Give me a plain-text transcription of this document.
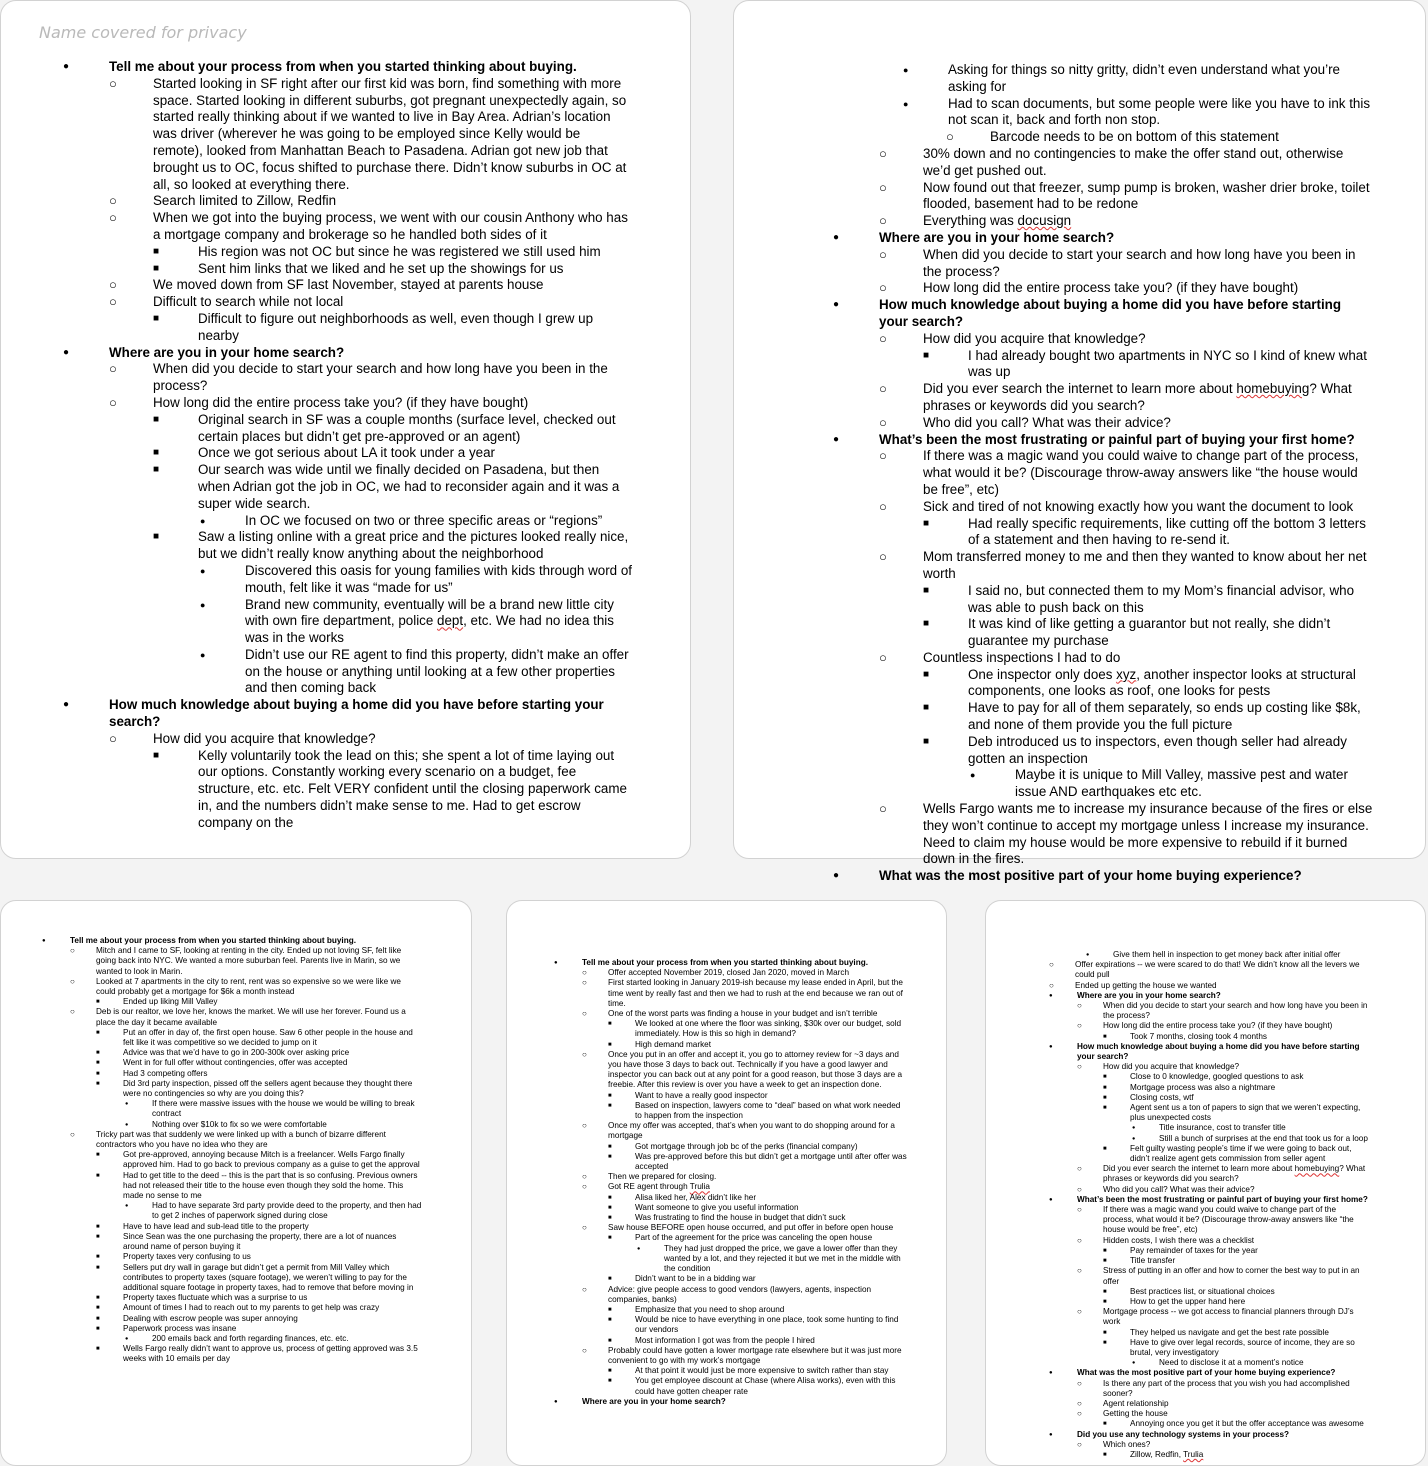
Name covered for privacy
● Tell me about your process from when you started thinking about buying.
○ Started looking in SF right after our first kid was born, find something with more space. Started looking in different suburbs, got pregnant unexpectedly again, so started really thinking about if we wanted to live in Bay Area. Adrian’s location was driver (wherever he was going to be employed since Kelly would be remote), looked from Manhattan Beach to Pasadena. Adrian got new job that brought us to OC, focus shifted to purchase there. Didn’t know suburbs in OC at all, so looked at everything there.
○ Search limited to Zillow, Redfin
○ When we got into the buying process, we went with our cousin Anthony who has a mortgage company and brokerage so he handled both sides of it
■ His region was not OC but since he was registered we still used him
■ Sent him links that we liked and he set up the showings for us
○ We moved down from SF last November, stayed at parents house
○ Difficult to search while not local
■ Difficult to figure out neighborhoods as well, even though I grew up nearby
● Where are you in your home search?
○ When did you decide to start your search and how long have you been in the process?
○ How long did the entire process take you? (if they have bought)
■ Original search in SF was a couple months (surface level, checked out certain places but didn’t get pre-approved or an agent)
■ Once we got serious about LA it took under a year
■ Our search was wide until we finally decided on Pasadena, but then when Adrian got the job in OC, we had to reconsider again and it was a super wide search.
● In OC we focused on two or three specific areas or “regions”
■ Saw a listing online with a great price and the pictures looked really nice, but we didn’t really know anything about the neighborhood
● Discovered this oasis for young families with kids through word of mouth, felt like it was “made for us”
● Brand new community, eventually will be a brand new little city with own fire department, police dept, etc. We had no idea this was in the works
● Didn’t use our RE agent to find this property, didn’t make an offer on the house or anything until looking at a few other properties and then coming back
● How much knowledge about buying a home did you have before starting your search?
○ How did you acquire that knowledge?
■ Kelly voluntarily took the lead on this; she spent a lot of time laying out our options. Constantly working every scenario on a budget, fee structure, etc. etc. Felt VERY confident until the closing paperwork came in, and the numbers didn’t make sense to me. Had to get escrow company on the
● Asking for things so nitty gritty, didn’t even understand what you’re asking for
● Had to scan documents, but some people were like you have to ink this not scan it, back and forth non stop.
○ Barcode needs to be on bottom of this statement
○ 30% down and no contingencies to make the offer stand out, otherwise we’d get pushed out.
○ Now found out that freezer, sump pump is broken, washer drier broke, toilet flooded, basement had to be redone
○ Everything was docusign
● Where are you in your home search?
○ When did you decide to start your search and how long have you been in the process?
○ How long did the entire process take you? (if they have bought)
● How much knowledge about buying a home did you have before starting your search?
○ How did you acquire that knowledge?
■ I had already bought two apartments in NYC so I kind of knew what was up
○ Did you ever search the internet to learn more about homebuying? What phrases or keywords did you search?
○ Who did you call? What was their advice?
● What’s been the most frustrating or painful part of buying your first home?
○ If there was a magic wand you could waive to change part of the process, what would it be? (Discourage throw-away answers like “the house would be free”, etc)
○ Sick and tired of not knowing exactly how you want the document to look
■ Had really specific requirements, like cutting off the bottom 3 letters of a statement and then having to re-send it.
○ Mom transferred money to me and then they wanted to know about her net worth
■ I said no, but connected them to my Mom’s financial advisor, who was able to push back on this
■ It was kind of like getting a guarantor but not really, she didn’t guarantee my purchase
○ Countless inspections I had to do
■ One inspector only does xyz, another inspector looks at structural components, one looks as roof, one looks for pests
■ Have to pay for all of them separately, so ends up costing like $8k, and none of them provide you the full picture
■ Deb introduced us to inspectors, even though seller had already gotten an inspection
● Maybe it is unique to Mill Valley, massive pest and water issue AND earthquakes etc etc.
○ Wells Fargo wants me to increase my insurance because of the fires or else they won’t continue to accept my mortgage unless I increase my insurance. Need to claim my house would be more expensive to rebuild if it burned down in the fires.
● What was the most positive part of your home buying experience?
● Tell me about your process from when you started thinking about buying.
○ Mitch and I came to SF, looking at renting in the city. Ended up not loving SF, felt like going back into NYC. We wanted a more suburban feel. Parents live in Marin, so we wanted to look in Marin.
○ Looked at 7 apartments in the city to rent, rent was so expensive so we were like we could probably get a mortgage for $6k a month instead
■ Ended up liking Mill Valley
○ Deb is our realtor, we love her, knows the market. We will use her forever. Found us a place the day it became available
■ Put an offer in day of, the first open house. Saw 6 other people in the house and felt like it was competitive so we decided to jump on it
■ Advice was that we’d have to go in 200-300k over asking price
■ Went in for full offer without contingencies, offer was accepted
■ Had 3 competing offers
■ Did 3rd party inspection, pissed off the sellers agent because they thought there were no contingencies so why are you doing this?
● If there were massive issues with the house we would be willing to break contract
● Nothing over $10k to fix so we were comfortable
○ Tricky part was that suddenly we were linked up with a bunch of bizarre different contractors who you have no idea who they are
■ Got pre-approved, annoying because Mitch is a freelancer. Wells Fargo finally approved him. Had to go back to previous company as a guise to get the approval
■ Had to get title to the deed -- this is the part that is so confusing. Previous owners had not released their title to the house even though they sold the home. This made no sense to me
● Had to have separate 3rd party provide deed to the property, and then had to get 2 inches of paperwork signed during close
■ Have to have lead and sub-lead title to the property
■ Since Sean was the one purchasing the property, there are a lot of nuances around name of person buying it
■ Property taxes very confusing to us
■ Sellers put dry wall in garage but didn’t get a permit from Mill Valley which contributes to property taxes (square footage), we weren’t willing to pay for the additional square footage in property taxes, had to remove that before moving in
■ Property taxes fluctuate which was a surprise to us
■ Amount of times I had to reach out to my parents to get help was crazy
■ Dealing with escrow people was super annoying
■ Paperwork process was insane
● 200 emails back and forth regarding finances, etc. etc.
■ Wells Fargo really didn’t want to approve us, process of getting approved was 3.5 weeks with 10 emails per day
● Tell me about your process from when you started thinking about buying.
○ Offer accepted November 2019, closed Jan 2020, moved in March
○ First started looking in January 2019-ish because my lease ended in April, but the time went by really fast and then we had to rush at the end because we ran out of time.
○ One of the worst parts was finding a house in your budget and isn’t terrible
■ We looked at one where the floor was sinking, $30k over our budget, sold immediately. How is this so high in demand?
■ High demand market
○ Once you put in an offer and accept it, you go to attorney review for ~3 days and you have those 3 days to back out. Technically if you have a good lawyer and inspector you can back out at any point for a good reason, but those 3 days are a freebie. After this review is over you have a week to get an inspection done.
■ Want to have a really good inspector
■ Based on inspection, lawyers come to “deal” based on what work needed to happen from the inspection
○ Once my offer was accepted, that’s when you want to do shopping around for a mortgage
■ Got mortgage through job bc of the perks (financial company)
■ Was pre-approved before this but didn’t get a mortgage until after offer was accepted
○ Then we prepared for closing.
○ Got RE agent through Trulia
■ Alisa liked her, Alex didn’t like her
■ Want someone to give you useful information
■ Was frustrating to find the house in budget that didn’t suck
○ Saw house BEFORE open house occurred, and put offer in before open house
■ Part of the agreement for the price was canceling the open house
● They had just dropped the price, we gave a lower offer than they wanted by a lot, and they rejected it but we met in the middle with the condition
■ Didn’t want to be in a bidding war
○ Advice: give people access to good vendors (lawyers, agents, inspection companies, banks)
■ Emphasize that you need to shop around
■ Would be nice to have everything in one place, took some hunting to find our vendors
■ Most information I got was from the people I hired
○ Probably could have gotten a lower mortgage rate elsewhere but it was just more convenient to go with my work’s mortgage
■ At that point it would just be more expensive to switch rather than stay
■ You get employee discount at Chase (where Alisa works), even with this could have gotten cheaper rate
● Where are you in your home search?
● Give them hell in inspection to get money back after initial offer
○ Offer expirations -- we were scared to do that! We didn’t know all the levers we could pull
○ Ended up getting the house we wanted
● Where are you in your home search?
○ When did you decide to start your search and how long have you been in the process?
○ How long did the entire process take you? (if they have bought)
■ Took 7 months, closing took 4 months
● How much knowledge about buying a home did you have before starting your search?
○ How did you acquire that knowledge?
■ Close to 0 knowledge, googled questions to ask
■ Mortgage process was also a nightmare
■ Closing costs, wtf
■ Agent sent us a ton of papers to sign that we weren’t expecting, plus unexpected costs
● Title insurance, cost to transfer title
● Still a bunch of surprises at the end that took us for a loop
■ Felt guilty wasting people’s time if we were going to back out, didn’t realize agent gets commission from seller agent
○ Did you ever search the internet to learn more about homebuying? What phrases or keywords did you search?
○ Who did you call? What was their advice?
● What’s been the most frustrating or painful part of buying your first home?
○ If there was a magic wand you could waive to change part of the process, what would it be? (Discourage throw-away answers like “the house would be free”, etc)
○ Hidden costs, I wish there was a checklist
■ Pay remainder of taxes for the year
■ Title transfer
○ Stress of putting in an offer and how to corner the best way to put in an offer
■ Best practices list, or situational choices
■ How to get the upper hand here
○ Mortgage process -- we got access to financial planners through DJ’s work
■ They helped us navigate and get the best rate possible
■ Have to give over legal records, source of income, they are so brutal, very investigatory
● Need to disclose it at a moment’s notice
● What was the most positive part of your home buying experience?
○ Is there any part of the process that you wish you had accomplished sooner?
○ Agent relationship
○ Getting the house
■ Annoying once you get it but the offer acceptance was awesome
● Did you use any technology systems in your process?
○ Which ones?
■ Zillow, Redfin, Trulia
